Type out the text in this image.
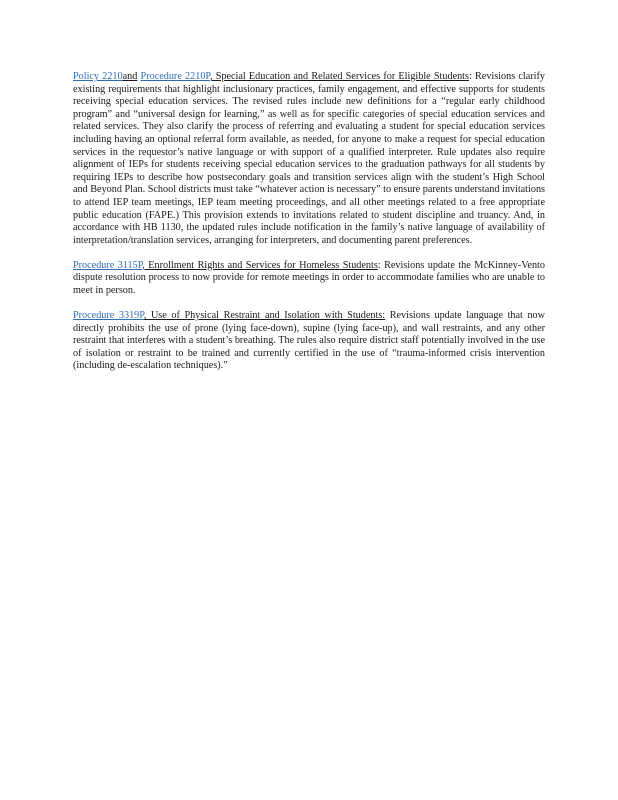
Policy 2210and Procedure 2210P, Special Education and Related Services for Eligible Students: Revisions clarify existing requirements that highlight inclusionary practices, family engagement, and effective supports for students receiving special education services. The revised rules include new definitions for a “regular early childhood program” and “universal design for learning,” as well as for specific categories of special education services and related services. They also clarify the process of referring and evaluating a student for special education services including having an optional referral form available, as needed, for anyone to make a request for special education services in the requestor’s native language or with support of a qualified interpreter. Rule updates also require alignment of IEPs for students receiving special education services to the graduation pathways for all students by requiring IEPs to describe how postsecondary goals and transition services align with the student’s High School and Beyond Plan. School districts must take “whatever action is necessary” to ensure parents understand invitations to attend IEP team meetings, IEP team meeting proceedings, and all other meetings related to a free appropriate public education (FAPE.) This provision extends to invitations related to student discipline and truancy. And, in accordance with HB 1130, the updated rules include notification in the family’s native language of availability of interpretation/translation services, arranging for interpreters, and documenting parent preferences.

Procedure 3115P, Enrollment Rights and Services for Homeless Students: Revisions update the McKinney-Vento dispute resolution process to now provide for remote meetings in order to accommodate families who are unable to meet in person.

Procedure 3319P, Use of Physical Restraint and Isolation with Students: Revisions update language that now directly prohibits the use of prone (lying face-down), supine (lying face-up), and wall restraints, and any other restraint that interferes with a student’s breathing. The rules also require district staff potentially involved in the use of isolation or restraint to be trained and currently certified in the use of “trauma-informed crisis intervention (including de-escalation techniques).”
